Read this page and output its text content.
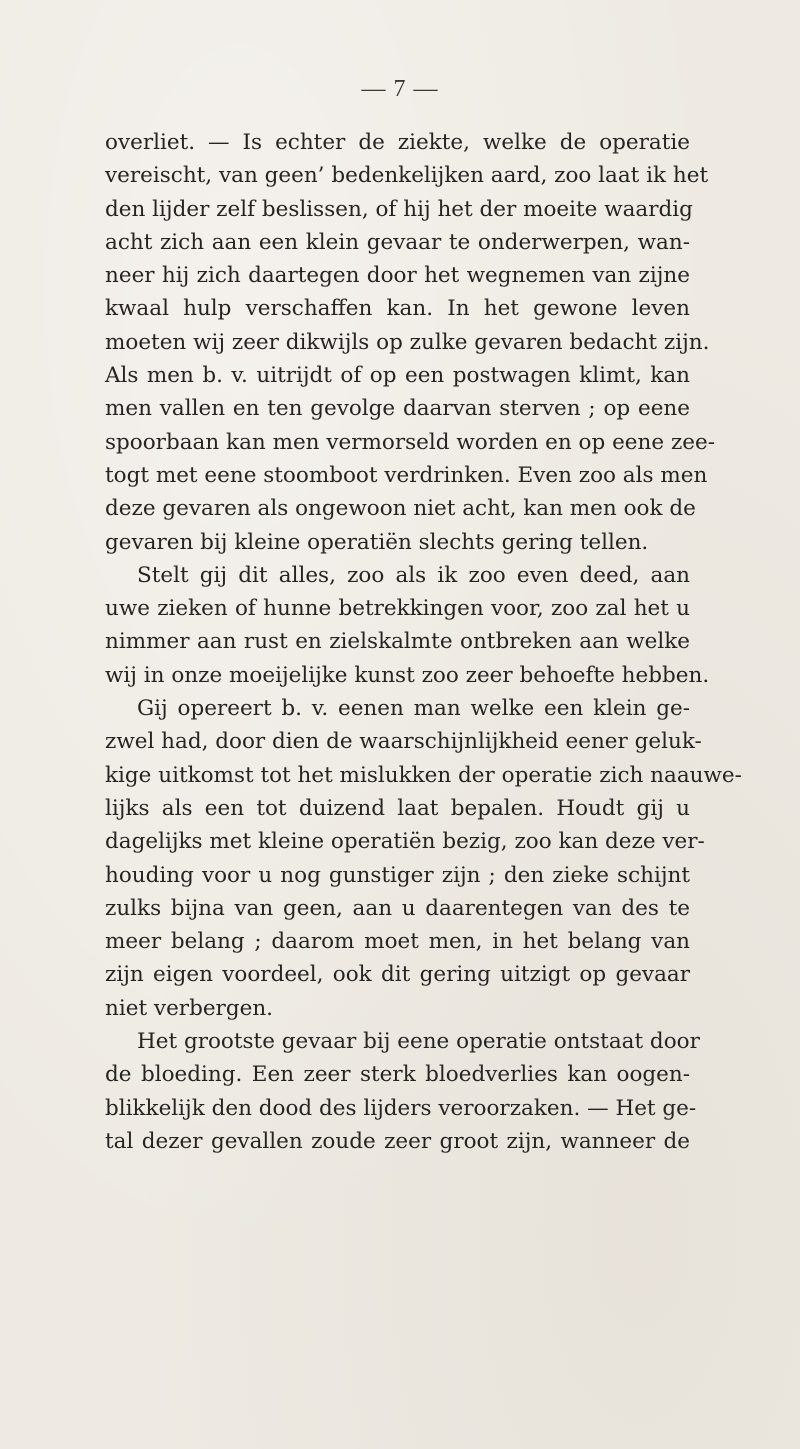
— 7 —
overliet. — Is echter de ziekte, welke de operatie
vereischt, van geen’ bedenkelijken aard, zoo laat ik het
den lijder zelf beslissen, of hij het der moeite waardig
acht zich aan een klein gevaar te onderwerpen, wan-
neer hij zich daartegen door het wegnemen van zijne
kwaal hulp verschaffen kan. In het gewone leven
moeten wij zeer dikwijls op zulke gevaren bedacht zijn.
Als men b. v. uitrijdt of op een postwagen klimt, kan
men vallen en ten gevolge daarvan sterven ; op eene
spoorbaan kan men vermorseld worden en op eene zee-
togt met eene stoomboot verdrinken. Even zoo als men
deze gevaren als ongewoon niet acht, kan men ook de
gevaren bij kleine operatiën slechts gering tellen.
Stelt gij dit alles, zoo als ik zoo even deed, aan
uwe zieken of hunne betrekkingen voor, zoo zal het u
nimmer aan rust en zielskalmte ontbreken aan welke
wij in onze moeijelijke kunst zoo zeer behoefte hebben.
Gij opereert b. v. eenen man welke een klein ge-
zwel had, door dien de waarschijnlijkheid eener geluk-
kige uitkomst tot het mislukken der operatie zich naauwe-
lijks als een tot duizend laat bepalen. Houdt gij u
dagelijks met kleine operatiën bezig, zoo kan deze ver-
houding voor u nog gunstiger zijn ; den zieke schijnt
zulks bijna van geen, aan u daarentegen van des te
meer belang ; daarom moet men, in het belang van
zijn eigen voordeel, ook dit gering uitzigt op gevaar
niet verbergen.
Het grootste gevaar bij eene operatie ontstaat door
de bloeding. Een zeer sterk bloedverlies kan oogen-
blikkelijk den dood des lijders veroorzaken. — Het ge-
tal dezer gevallen zoude zeer groot zijn, wanneer de
